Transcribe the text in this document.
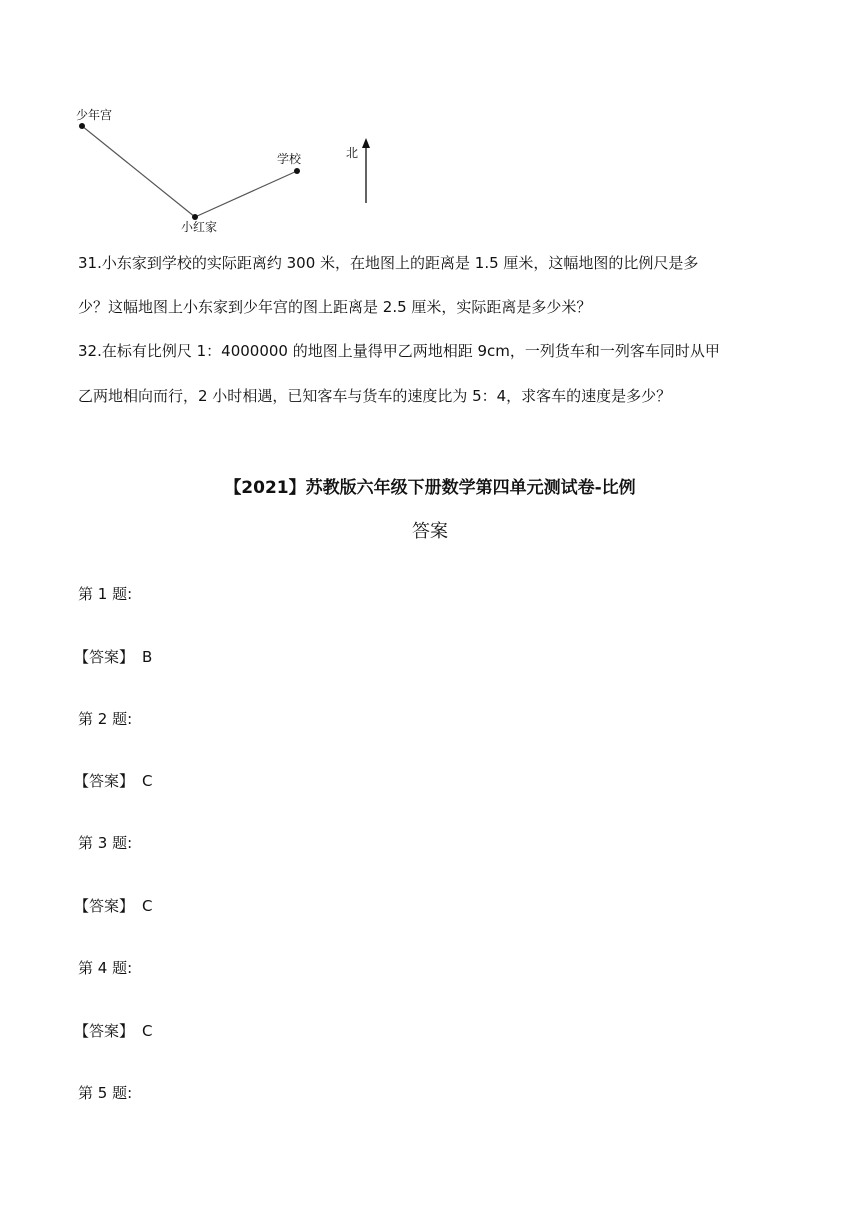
少年宫
学校
小红家
北
31.小东家到学校的实际距离约 300 米，在地图上的距离是 1.5 厘米，这幅地图的比例尺是多
少？这幅地图上小东家到少年宫的图上距离是 2.5 厘米，实际距离是多少米？
32.在标有比例尺 1：4000000 的地图上量得甲乙两地相距 9cm，一列货车和一列客车同时从甲
乙两地相向而行，2 小时相遇，已知客车与货车的速度比为 5：4，求客车的速度是多少？
【2021】苏教版六年级下册数学第四单元测试卷-比例
答案
第 1 题:
【答案】 B
第 2 题:
【答案】 C
第 3 题:
【答案】 C
第 4 题:
【答案】 C
第 5 题:
